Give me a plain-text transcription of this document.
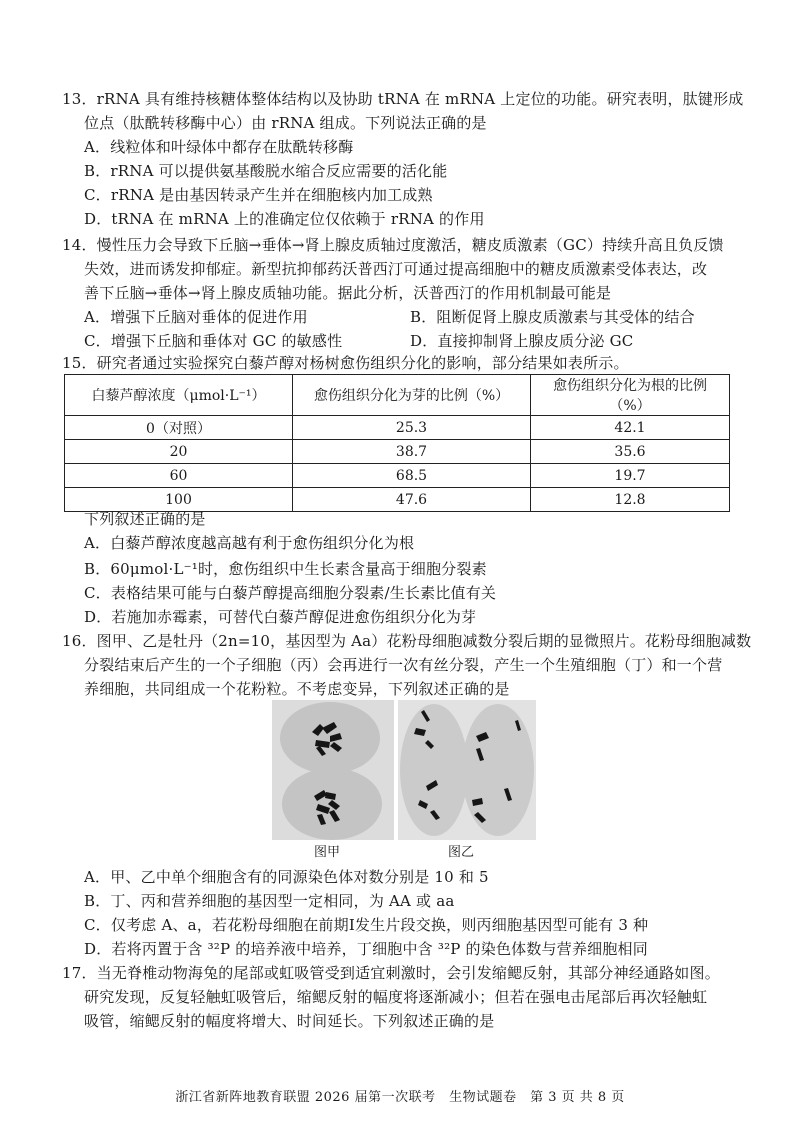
13．rRNA 具有维持核糖体整体结构以及协助 tRNA 在 mRNA 上定位的功能。研究表明，肽键形成
位点（肽酰转移酶中心）由 rRNA 组成。下列说法正确的是
A．线粒体和叶绿体中都存在肽酰转移酶
B．rRNA 可以提供氨基酸脱水缩合反应需要的活化能
C．rRNA 是由基因转录产生并在细胞核内加工成熟
D．tRNA 在 mRNA 上的准确定位仅依赖于 rRNA 的作用
14．慢性压力会导致下丘脑→垂体→肾上腺皮质轴过度激活，糖皮质激素（GC）持续升高且负反馈
失效，进而诱发抑郁症。新型抗抑郁药沃普西汀可通过提高细胞中的糖皮质激素受体表达，改
善下丘脑→垂体→肾上腺皮质轴功能。据此分析，沃普西汀的作用机制最可能是
A．增强下丘脑对垂体的促进作用	B．阻断促肾上腺皮质激素与其受体的结合
C．增强下丘脑和垂体对 GC 的敏感性	D．直接抑制肾上腺皮质分泌 GC
15．研究者通过实验探究白藜芦醇对杨树愈伤组织分化的影响，部分结果如表所示。
白藜芦醇浓度（μmol·L⁻¹）	愈伤组织分化为芽的比例（%）	愈伤组织分化为根的比例（%）
0（对照）	25.3	42.1
20	38.7	35.6
60	68.5	19.7
100	47.6	12.8
下列叙述正确的是
A．白藜芦醇浓度越高越有利于愈伤组织分化为根
B．60μmol·L⁻¹时，愈伤组织中生长素含量高于细胞分裂素
C．表格结果可能与白藜芦醇提高细胞分裂素/生长素比值有关
D．若施加赤霉素，可替代白藜芦醇促进愈伤组织分化为芽
16．图甲、乙是牡丹（2n=10，基因型为 Aa）花粉母细胞减数分裂后期的显微照片。花粉母细胞减数
分裂结束后产生的一个子细胞（丙）会再进行一次有丝分裂，产生一个生殖细胞（丁）和一个营
养细胞，共同组成一个花粉粒。不考虑变异，下列叙述正确的是
图甲	图乙
A．甲、乙中单个细胞含有的同源染色体对数分别是 10 和 5
B．丁、丙和营养细胞的基因型一定相同，为 AA 或 aa
C．仅考虑 A、a，若花粉母细胞在前期Ⅰ发生片段交换，则丙细胞基因型可能有 3 种
D．若将丙置于含 ³²P 的培养液中培养，丁细胞中含 ³²P 的染色体数与营养细胞相同
17．当无脊椎动物海兔的尾部或虹吸管受到适宜刺激时，会引发缩鳃反射，其部分神经通路如图。
研究发现，反复轻触虹吸管后，缩鳃反射的幅度将逐渐减小；但若在强电击尾部后再次轻触虹
吸管，缩鳃反射的幅度将增大、时间延长。下列叙述正确的是
浙江省新阵地教育联盟 2026 届第一次联考　生物试题卷　第 3 页 共 8 页
